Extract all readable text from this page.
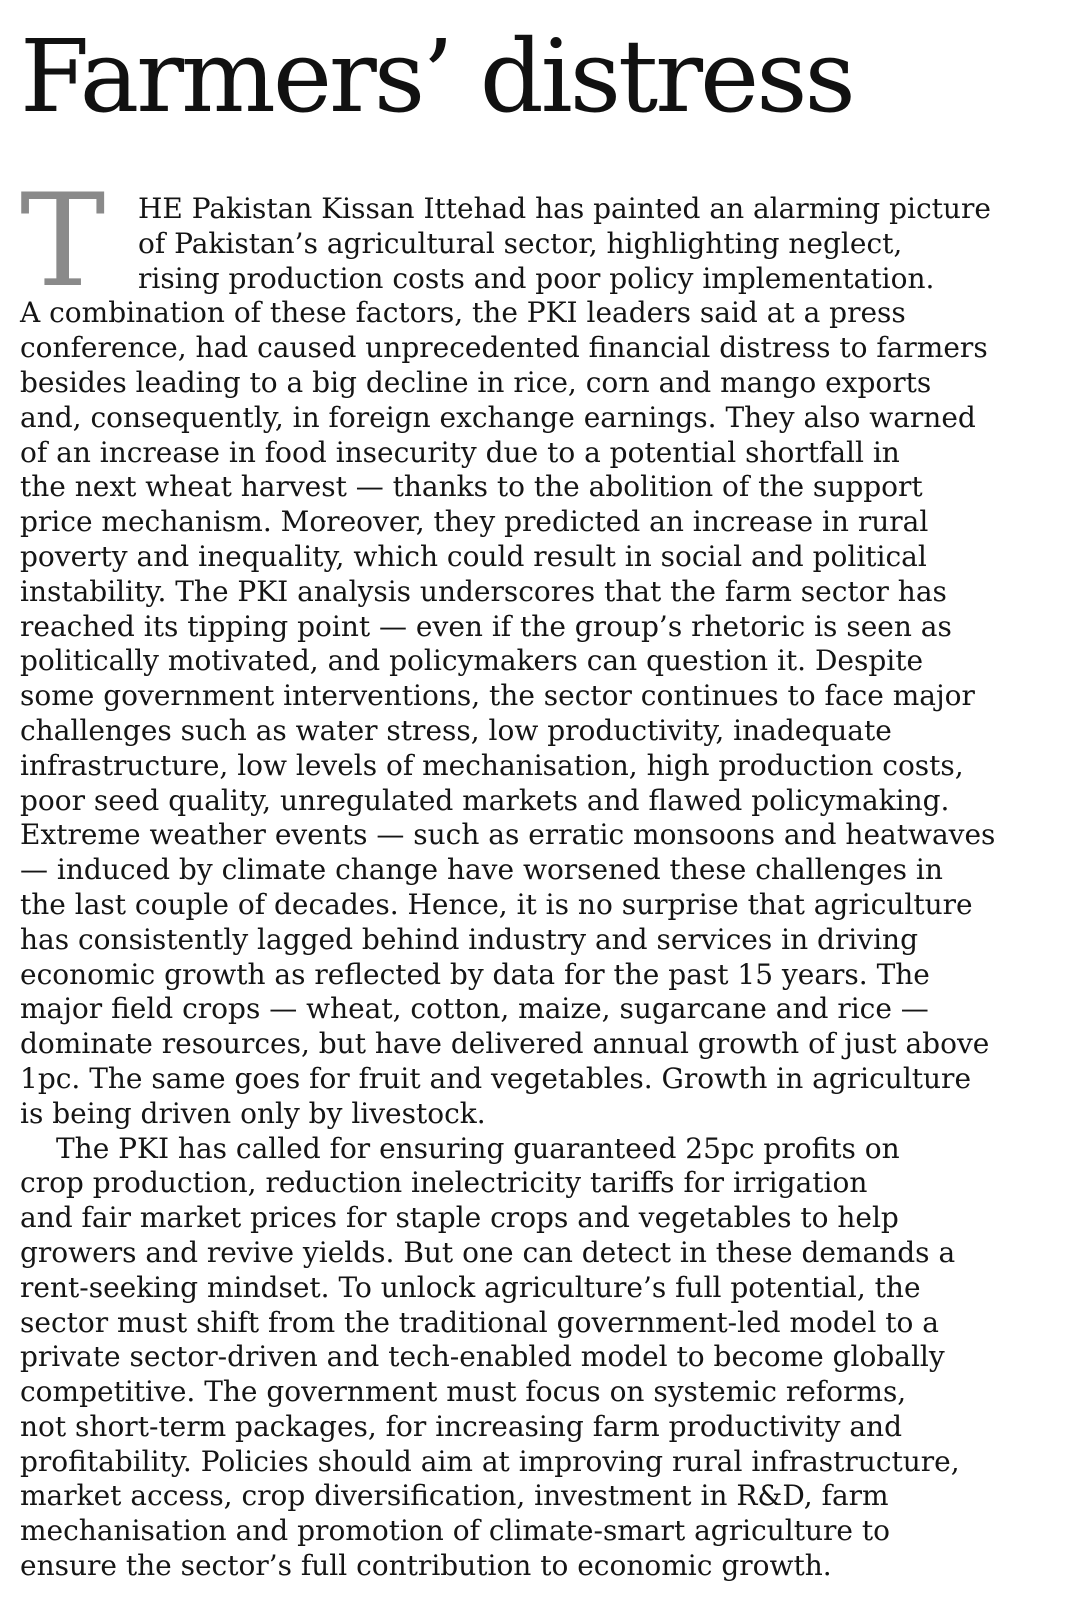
Farmers’ distress
T	HE Pakistan Kissan Ittehad has painted an alarming picture
of Pakistan’s agricultural sector, highlighting neglect,
rising production costs and poor policy implementation.
A combination of these factors, the PKI leaders said at a press
conference, had caused unprecedented financial distress to farmers
besides leading to a big decline in rice, corn and mango exports
and, consequently, in foreign exchange earnings. They also warned
of an increase in food insecurity due to a potential shortfall in
the next wheat harvest — thanks to the abolition of the support
price mechanism. Moreover, they predicted an increase in rural
poverty and inequality, which could result in social and political
instability. The PKI analysis underscores that the farm sector has
reached its tipping point — even if the group’s rhetoric is seen as
politically motivated, and policymakers can question it. Despite
some government interventions, the sector continues to face major
challenges such as water stress, low productivity, inadequate
infrastructure, low levels of mechanisation, high production costs,
poor seed quality, unregulated markets and flawed policymaking.
Extreme weather events — such as erratic monsoons and heatwaves
— induced by climate change have worsened these challenges in
the last couple of decades. Hence, it is no surprise that agriculture
has consistently lagged behind industry and services in driving
economic growth as reflected by data for the past 15 years. The
major field crops — wheat, cotton, maize, sugarcane and rice —
dominate resources, but have delivered annual growth of just above
1pc. The same goes for fruit and vegetables. Growth in agriculture
is being driven only by livestock.
The PKI has called for ensuring guaranteed 25pc profits on
crop production, reduction inelectricity tariffs for irrigation
and fair market prices for staple crops and vegetables to help
growers and revive yields. But one can detect in these demands a
rent-seeking mindset. To unlock agriculture’s full potential, the
sector must shift from the traditional government-led model to a
private sector-driven and tech-enabled model to become globally
competitive. The government must focus on systemic reforms,
not short-term packages, for increasing farm productivity and
profitability. Policies should aim at improving rural infrastructure,
market access, crop diversification, investment in R&D, farm
mechanisation and promotion of climate-smart agriculture to
ensure the sector’s full contribution to economic growth.
